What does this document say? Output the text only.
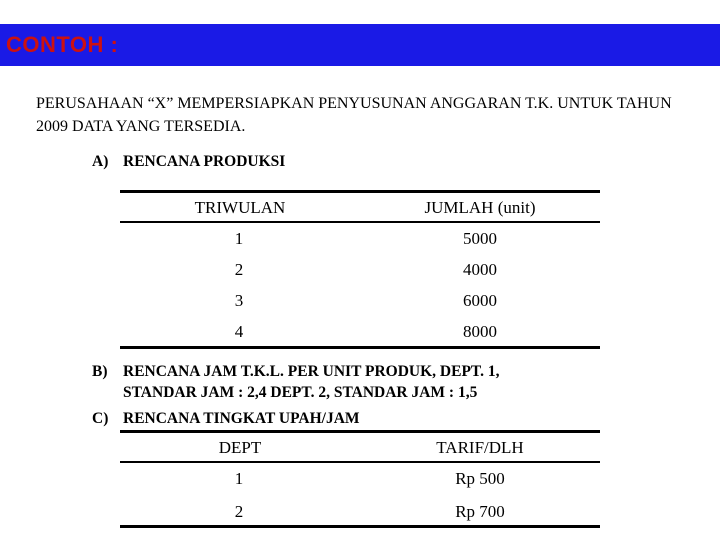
CONTOH :
PERUSAHAAN “X” MEMPERSIAPKAN PENYUSUNAN ANGGARAN T.K. UNTUK TAHUN 2009 DATA YANG TERSEDIA.
A) RENCANA PRODUKSI
TRIWULAN	JUMLAH (unit)
1	5000
2	4000
3	6000
4	8000
B) RENCANA JAM T.K.L. PER UNIT PRODUK, DEPT. 1,
STANDAR JAM : 2,4 DEPT. 2, STANDAR JAM : 1,5
C) RENCANA TINGKAT UPAH/JAM
DEPT	TARIF/DLH
1	Rp 500
2	Rp 700
